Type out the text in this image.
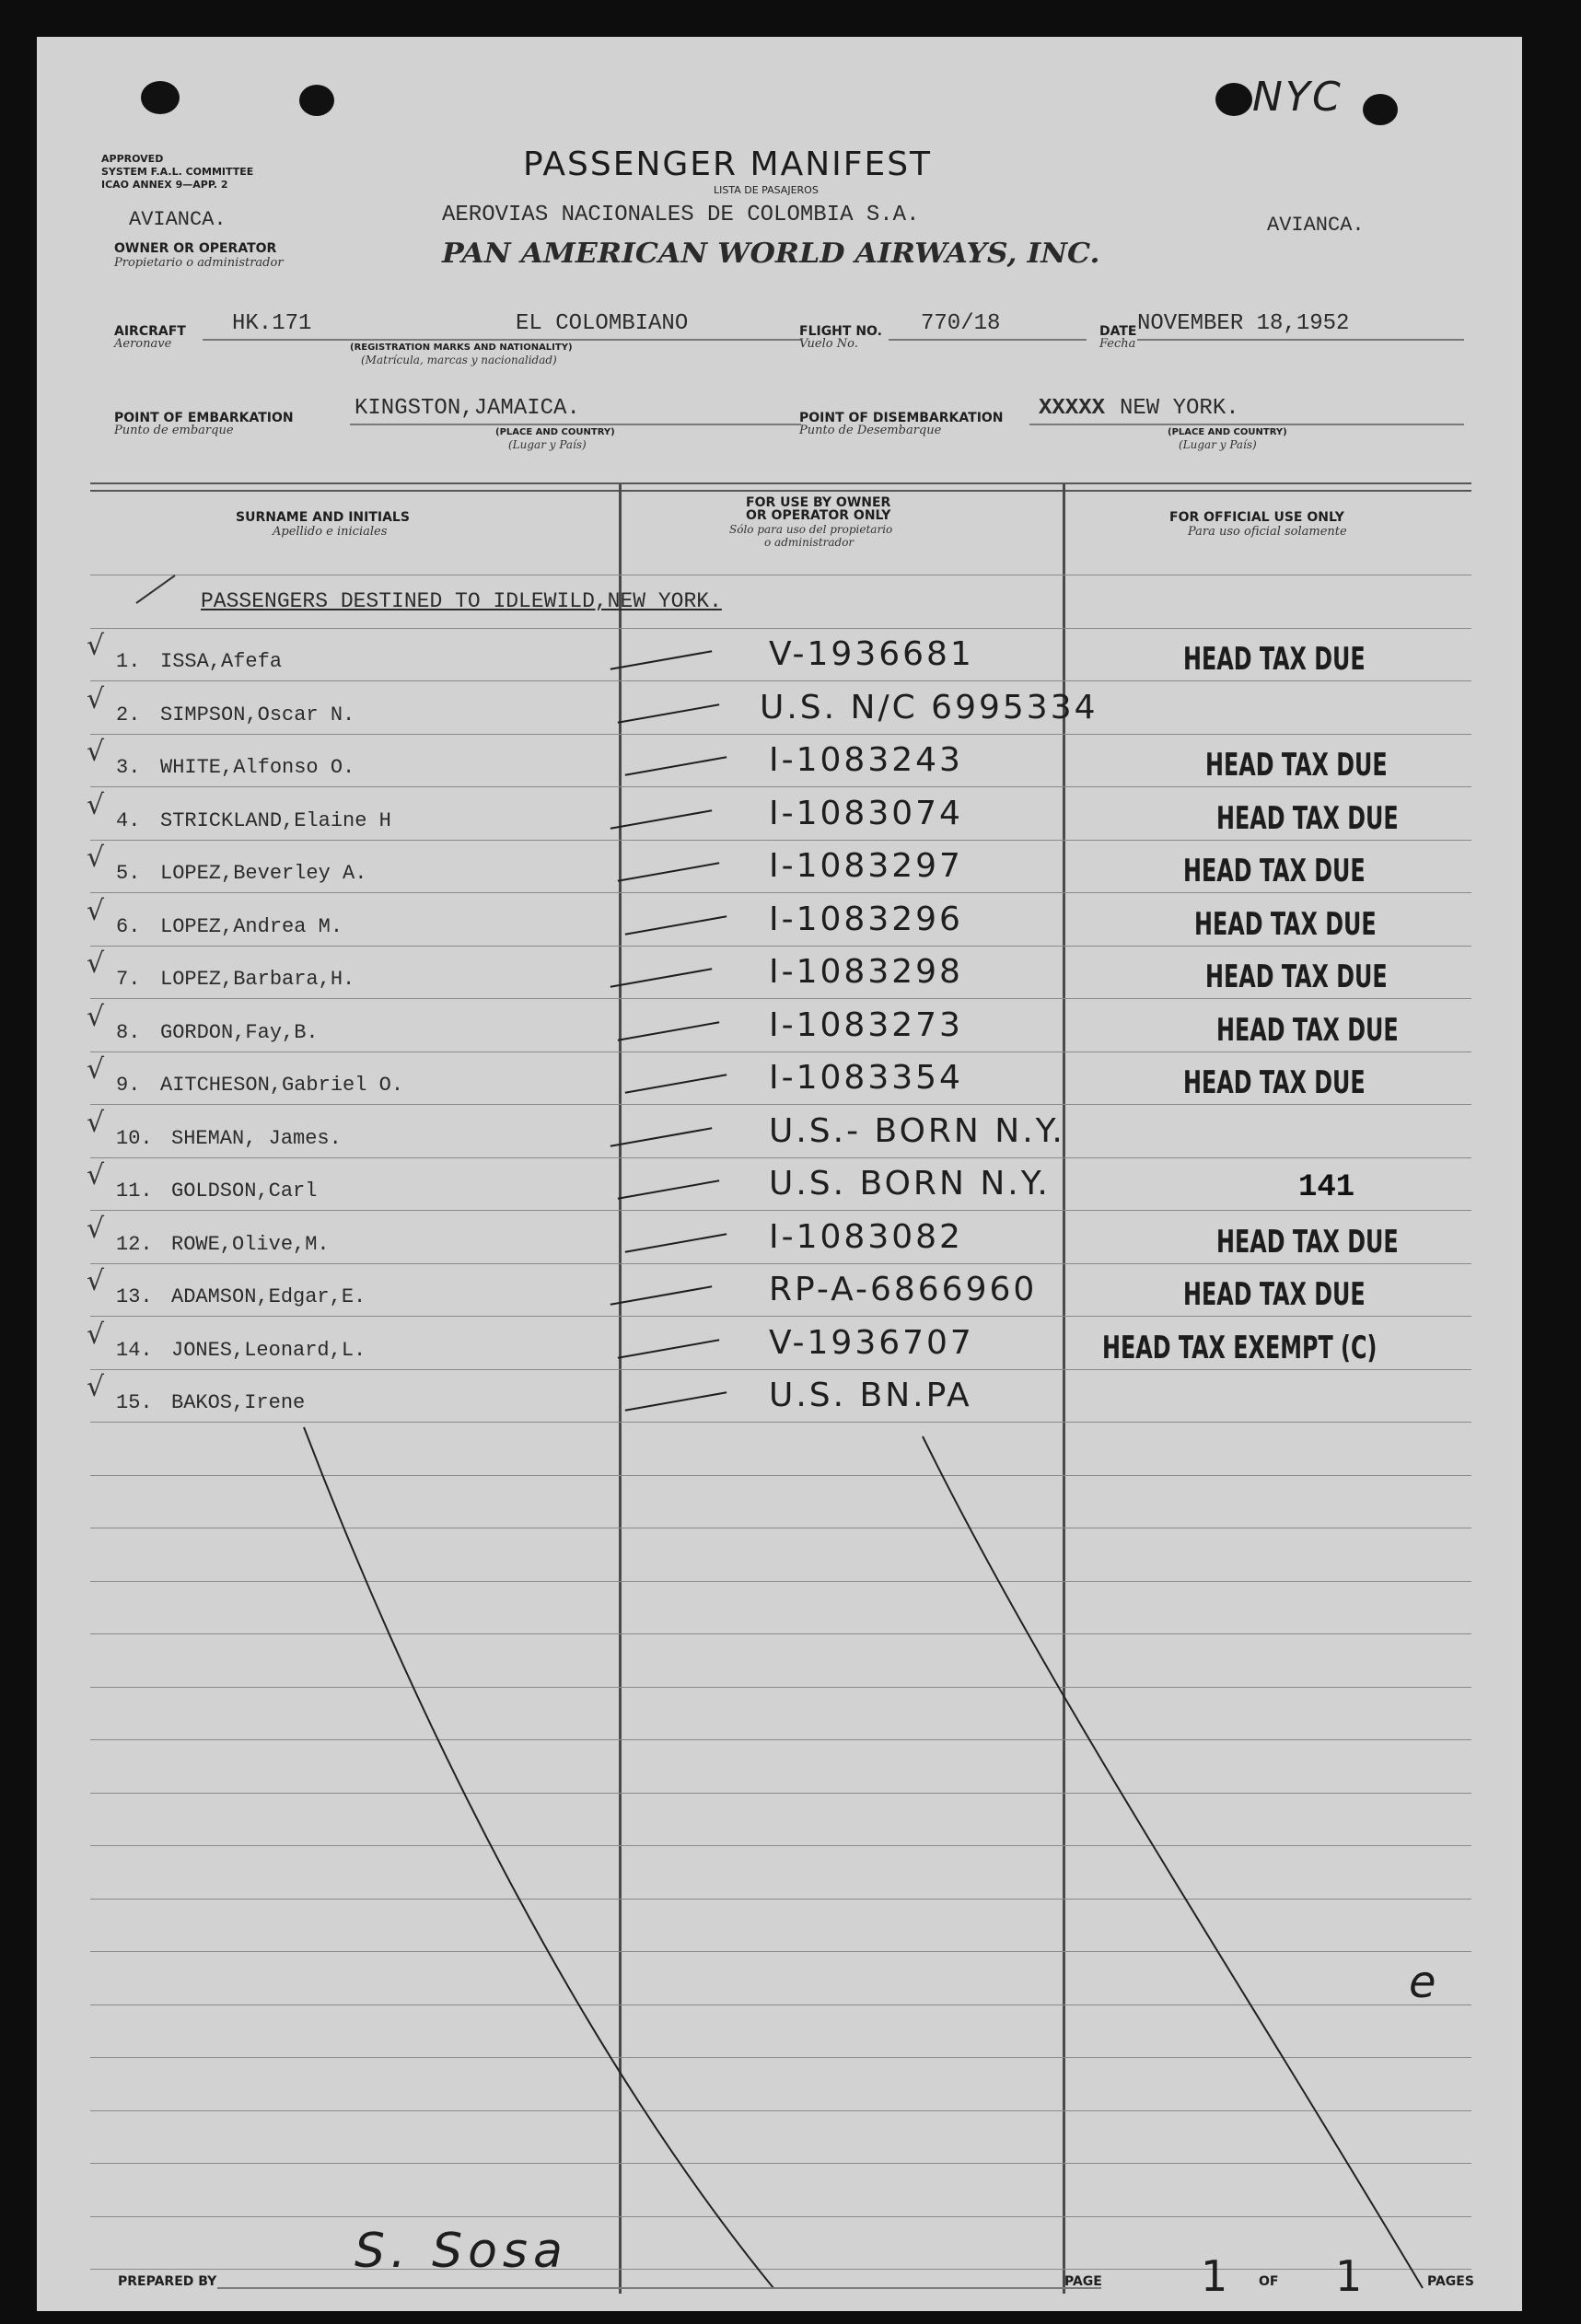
NYC
APPROVED
SYSTEM F.A.L. COMMITTEE
ICAO ANNEX 9—APP. 2
AVIANCA.
OWNER OR OPERATOR
Propietario o administrador
PASSENGER MANIFEST
LISTA DE PASAJEROS
AEROVIAS NACIONALES DE COLOMBIA S.A.
PAN AMERICAN WORLD AIRWAYS, INC.
AVIANCA.
AIRCRAFT
Aeronave
HK.171	EL COLOMBIANO
(REGISTRATION MARKS AND NATIONALITY)
(Matrícula, marcas y nacionalidad)
FLIGHT NO.
Vuelo No.
770/18	DATE
Fecha
NOVEMBER 18,1952
POINT OF EMBARKATION
Punto de embarque
KINGSTON,JAMAICA.
(PLACE AND COUNTRY)
(Lugar y País)
POINT OF DISEMBARKATION
Punto de Desembarque
XXXXX NEW YORK.
(PLACE AND COUNTRY)
(Lugar y País)
SURNAME AND INITIALS
Apellido e iniciales
FOR USE BY OWNER
OR OPERATOR ONLY
Sólo para uso del propietario
o administrador
FOR OFFICIAL USE ONLY
Para uso oficial solamente
PASSENGERS DESTINED TO IDLEWILD,NEW YORK.
√ 1. ISSA,Afefa	V-1936681	HEAD TAX DUE
√ 2. SIMPSON,Oscar N.	U.S. N/C 6995334
√ 3. WHITE,Alfonso O.	I-1083243	HEAD TAX DUE
√ 4. STRICKLAND,Elaine H	I-1083074	HEAD TAX DUE
√ 5. LOPEZ,Beverley A.	I-1083297	HEAD TAX DUE
√ 6. LOPEZ,Andrea M.	I-1083296	HEAD TAX DUE
√ 7. LOPEZ,Barbara,H.	I-1083298	HEAD TAX DUE
√ 8. GORDON,Fay,B.	I-1083273	HEAD TAX DUE
√ 9. AITCHESON,Gabriel O.	I-1083354	HEAD TAX DUE
√ 10. SHEMAN, James.	U.S.- BORN N.Y.
√ 11. GOLDSON,Carl	U.S. BORN N.Y.	141
√ 12. ROWE,Olive,M.	I-1083082	HEAD TAX DUE
√ 13. ADAMSON,Edgar,E.	RP-A-6866960	HEAD TAX DUE
√ 14. JONES,Leonard,L.	V-1936707	HEAD TAX EXEMPT (C)
√ 15. BAKOS,Irene	U.S. BN.PA
e
PREPARED BY
S. Sosa
PAGE 1 OF 1	PAGES
